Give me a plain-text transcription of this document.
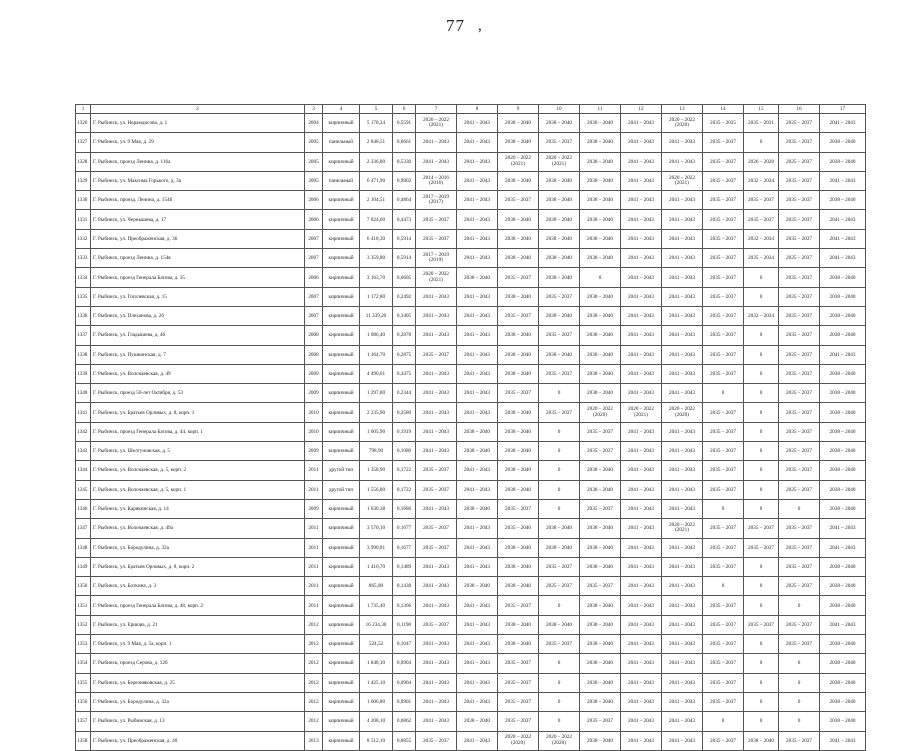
77 ,
1	2	3	4	5	6	7	8	9	10	11	12	13	14	15	16	17
1326	Г. Рыбинск, ул. Нерамдисова, д. 1	2004	кирпичный	5 178,24	0,5591	2020 – 2022 (2021)	2041 – 2043	2038 – 2040	2038 – 2040	2038 – 2040	2041 – 2043	2020 – 2022 (2020)	2035 – 2035	2035 – 2031	2035 – 2037	2041 – 2043
1327	Г. Рыбинск, ул. 9 Мая, д. 29	2005	панельный	2 848,51	0,6661	2041 – 2043	2041 – 2043	2038 – 2040	2035 – 2037	2038 – 2040	2041 – 2043	2041 – 2043	2035 – 2037	0	2035 – 2037	2038 – 2040
1328	Г. Рыбинск, проезд Ленина, д. 116а	2005	кирпичный	2 336,80	0,5330	2041 – 2043	2041 – 2043	2020 – 2022 (2021)	2020 – 2022 (2021)	2038 – 2040	2041 – 2043	2041 – 2043	2035 – 2037	2026 – 2028	2035 – 2037	2038 – 2040
1329	Г. Рыбинск, ул. Максима Горького, д. 3а	2005	панельный	6 471,90	0,9802	2014 – 2016 (2016)	2041 – 2043	2038 – 2040	2038 – 2040	2038 – 2040	2041 – 2043	2020 – 2022 (2021)	2035 – 2037	2032 – 2034	2035 – 2037	2041 – 2043
1330	Г. Рыбинск, проезд. Ленина, д. 154б	2006	кирпичный	2 104,51	0,4864	2017 – 2019 (2017)	2041 – 2043	2035 – 2037	2038 – 2040	2038 – 2040	2041 – 2043	2041 – 2043	2035 – 2037	2035 – 2037	2035 – 2037	2038 – 2040
1331	Г. Рыбинск, ул. Чернышева, д. 17	2006	кирпичный	7 824,60	0,4473	2035 – 2037	2041 – 2043	2038 – 2040	2038 – 2040	2038 – 2040	2041 – 2043	2041 – 2043	2035 – 2037	2035 – 2037	2035 – 2037	2041 – 2043
1332	Г. Рыбинск, ул. Преображенская, д. 36	2007	кирпичный	6 418,30	0,5914	2035 – 2037	2041 – 2043	2038 – 2040	2038 – 2040	2038 – 2040	2041 – 2043	2041 – 2043	2035 – 2037	2032 – 2034	2035 – 2037	2041 – 2043
1333	Г. Рыбинск, проезд Ленина, д. 154в	2007	кирпичный	3 359,80	0,5914	2017 – 2019 (2019)	2041 – 2043	2038 – 2040	2038 – 2040	2038 – 2040	2041 – 2043	2041 – 2043	2035 – 2037	2035 – 2034	2035 – 2037	2041 – 2043
1334	Г. Рыбинск, проезд Генерала Батова, д. 35	2006	кирпичный	3 163,70	0,6605	2020 – 2022 (2021)	2038 – 2040	2035 – 2037	2038 – 2040	0	2041 – 2043	2041 – 2043	2035 – 2037	0	2035 – 2037	2038 – 2040
1335	Г. Рыбинск, ул. Гоголевская, д. 15	2007	кирпичный	1 172,80	0,2492	2041 – 2043	2041 – 2043	2038 – 2040	2035 – 2037	2038 – 2040	2041 – 2043	2041 – 2043	2035 – 2037	0	2035 – 2037	2038 – 2040
1336	Г. Рыбинск, ул. Плеханова, д. 26	2007	кирпичный	11 339,20	0,3405	2041 – 2043	2041 – 2043	2035 – 2037	2038 – 2040	2038 – 2040	2041 – 2043	2041 – 2043	2035 – 2037	2032 – 2034	2035 – 2037	2038 – 2040
1337	Г. Рыбинск, ул. Гладышева, д. 46	2008	кирпичный	1 086,40	0,2878	2041 – 2043	2041 – 2043	2038 – 2040	2035 – 2037	2038 – 2040	2041 – 2043	2041 – 2043	2035 – 2037	0	2035 – 2037	2038 – 2040
1338	Г. Рыбинск, ул. Пушкинская, д. 7	2008	кирпичный	1 164,70	0,2875	2035 – 2037	2041 – 2043	2038 – 2040	2038 – 2040	2038 – 2040	2041 – 2043	2041 – 2043	2035 – 2037	0	2035 – 2037	2041 – 2043
1339	Г. Рыбинск, ул. Волочаевская, д. 49	2009	кирпичный	4 490,61	0,4475	2041 – 2043	2041 – 2043	2038 – 2040	2035 – 2037	2038 – 2040	2041 – 2043	2041 – 2043	2035 – 2037	0	2035 – 2037	2038 – 2040
1340	Г. Рыбинск, проезд 50-лет Октября, д. 53	2009	кирпичный	1 297,80	0,2344	2041 – 2043	2041 – 2043	2035 – 2037	0	2038 – 2040	2041 – 2043	2041 – 2043	0	0	2035 – 2037	2038 – 2040
1341	Г. Рыбинск, ул. Братьев Орловых, д. 8, корп. 1	2010	кирпичный	2 235,90	0,3580	2041 – 2043	2041 – 2043	2038 – 2040	2035 – 2037	2020 – 2022 (2020)	2020 – 2022 (2021)	2020 – 2022 (2020)	2035 – 2037	0	2035 – 2037	2038 – 2040
1342	Г. Рыбинск, проезд Генерала Батова, д. 44, корп. 1	2010	кирпичный	1 605,90	0,1919	2041 – 2043	2038 – 2040	2038 – 2040	0	2035 – 2037	2041 – 2043	2041 – 2043	2035 – 2037	0	2035 – 2037	2038 – 2040
1343	Г. Рыбинск, ул. Шелгуновская, д. 5	2009	кирпичный	798,90	0,1080	2041 – 2043	2038 – 2040	2038 – 2040	0	2035 – 2037	2041 – 2043	2041 – 2043	2035 – 2037	0	2035 – 2037	2038 – 2040
1344	Г. Рыбинск, ул. Волочаевская, д. 5, корп. 2	2011	другой тип	1 358,90	0,1722	2035 – 2037	2041 – 2043	2038 – 2040	0	2038 – 2040	2041 – 2043	2041 – 2043	2035 – 2037	0	2035 – 2037	2038 – 2040
1345	Г. Рыбинск, ул. Волочаевская, д. 5, корп. 1	2011	другой тип	1 556,80	0,1722	2035 – 2037	2041 – 2043	2038 – 2040	0	2038 – 2040	2041 – 2043	2041 – 2043	2035 – 2037	0	2035 – 2037	2038 – 2040
1346	Г. Рыбинск, ул. Карякинская, д. 14	2009	кирпичный	1 630,38	0,1686	2041 – 2043	2038 – 2040	2035 – 2037	0	2035 – 2037	2041 – 2043	2041 – 2043	0	0	0	2038 – 2040
1347	Г. Рыбинск, ул. Волочаевская, д. 49а	2011	кирпичный	3 570,10	0,1677	2035 – 2037	2041 – 2043	2035 – 2040	2038 – 2040	2038 – 2040	2041 – 2043	2020 – 2022 (2021)	2035 – 2037	2035 – 2037	2035 – 2037	2041 – 2043
1348	Г. Рыбинск, ул. Бородулина, д. 32а	2011	кирпичный	3 990,81	0,1677	2035 – 2037	2041 – 2043	2038 – 2040	2038 – 2040	2038 – 2040	2041 – 2043	2041 – 2043	2035 – 2037	2035 – 2037	2035 – 2037	2041 – 2043
1349	Г. Рыбинск, ул. Братьев Орловых, д. 8, корп. 2	2011	кирпичный	1 410,70	0,1489	2041 – 2043	2041 – 2043	2038 – 2040	2035 – 2037	2038 – 2040	2041 – 2043	2041 – 2043	2035 – 2037	0	2035 – 2037	2038 – 2040
1350	Г. Рыбинск, ул. Боткина, д. 3	2011	кирпичный	865,80	0,1438	2041 – 2043	2038 – 2040	2038 – 2040	2035 – 2037	2035 – 2037	2041 – 2043	2041 – 2043	0	0	2035 – 2037	2038 – 2040
1351	Г. Рыбинск, проезд Генерала Батова, д. 48, корп. 2	2011	кирпичный	1 735,40	0,1366	2041 – 2043	2041 – 2043	2035 – 2037	0	2038 – 2040	2041 – 2043	2041 – 2043	2035 – 2037	0	0	2038 – 2040
1352	Г. Рыбинск, ул. Ершова, д. 21	2012	кирпичный	16 234,30	0,1198	2035 – 2037	2041 – 2043	2038 – 2040	2038 – 2040	2038 – 2040	2041 – 2043	2041 – 2043	2035 – 2037	2035 – 2037	2035 – 2037	2041 – 2043
1353	Г. Рыбинск, ул. 9 Мая, д. 5а, корп. 1	2012	кирпичный	524,52	0,1047	2041 – 2043	2041 – 2043	2038 – 2040	2035 – 2037	2038 – 2040	2041 – 2043	2041 – 2043	2035 – 2037	0	2035 – 2037	2038 – 2040
1354	Г. Рыбинск, проезд Серова, д. 12б	2012	кирпичный	1 848,10	0,0904	2041 – 2043	2041 – 2043	2035 – 2037	0	2038 – 2040	2041 – 2043	2041 – 2043	2035 – 2037	0	0	2038 – 2040
1355	Г. Рыбинск, ул. Березняковская, д. 25	2012	кирпичный	1 425,10	0,0904	2041 – 2043	2041 – 2043	2035 – 2037	0	2038 – 2040	2041 – 2043	2041 – 2043	2035 – 2037	0	0	2038 – 2040
1356	Г. Рыбинск, ул. Бородулина, д. 32а	2012	кирпичный	1 606,80	0,0901	2041 – 2043	2041 – 2043	2035 – 2037	0	2038 – 2040	2041 – 2043	2041 – 2043	2035 – 2037	0	0	2038 – 2040
1357	Г. Рыбинск, ул. Рыбинская, д. 13	2012	кирпичный	4 208,10	0,0862	2041 – 2043	2038 – 2040	2035 – 2037	0	2035 – 2037	2041 – 2043	2041 – 2043	0	0	0	2038 – 2040
1358	Г. Рыбинск, ул. Преображенская, д. 40	2013	кирпичный	8 512,10	0,0855	2035 – 2037	2041 – 2043	2020 – 2022 (2020)	2020 – 2022 (2020)	2038 – 2040	2041 – 2043	2041 – 2043	2035 – 2037	2038 – 2040	2035 – 2037	2041 – 2043
